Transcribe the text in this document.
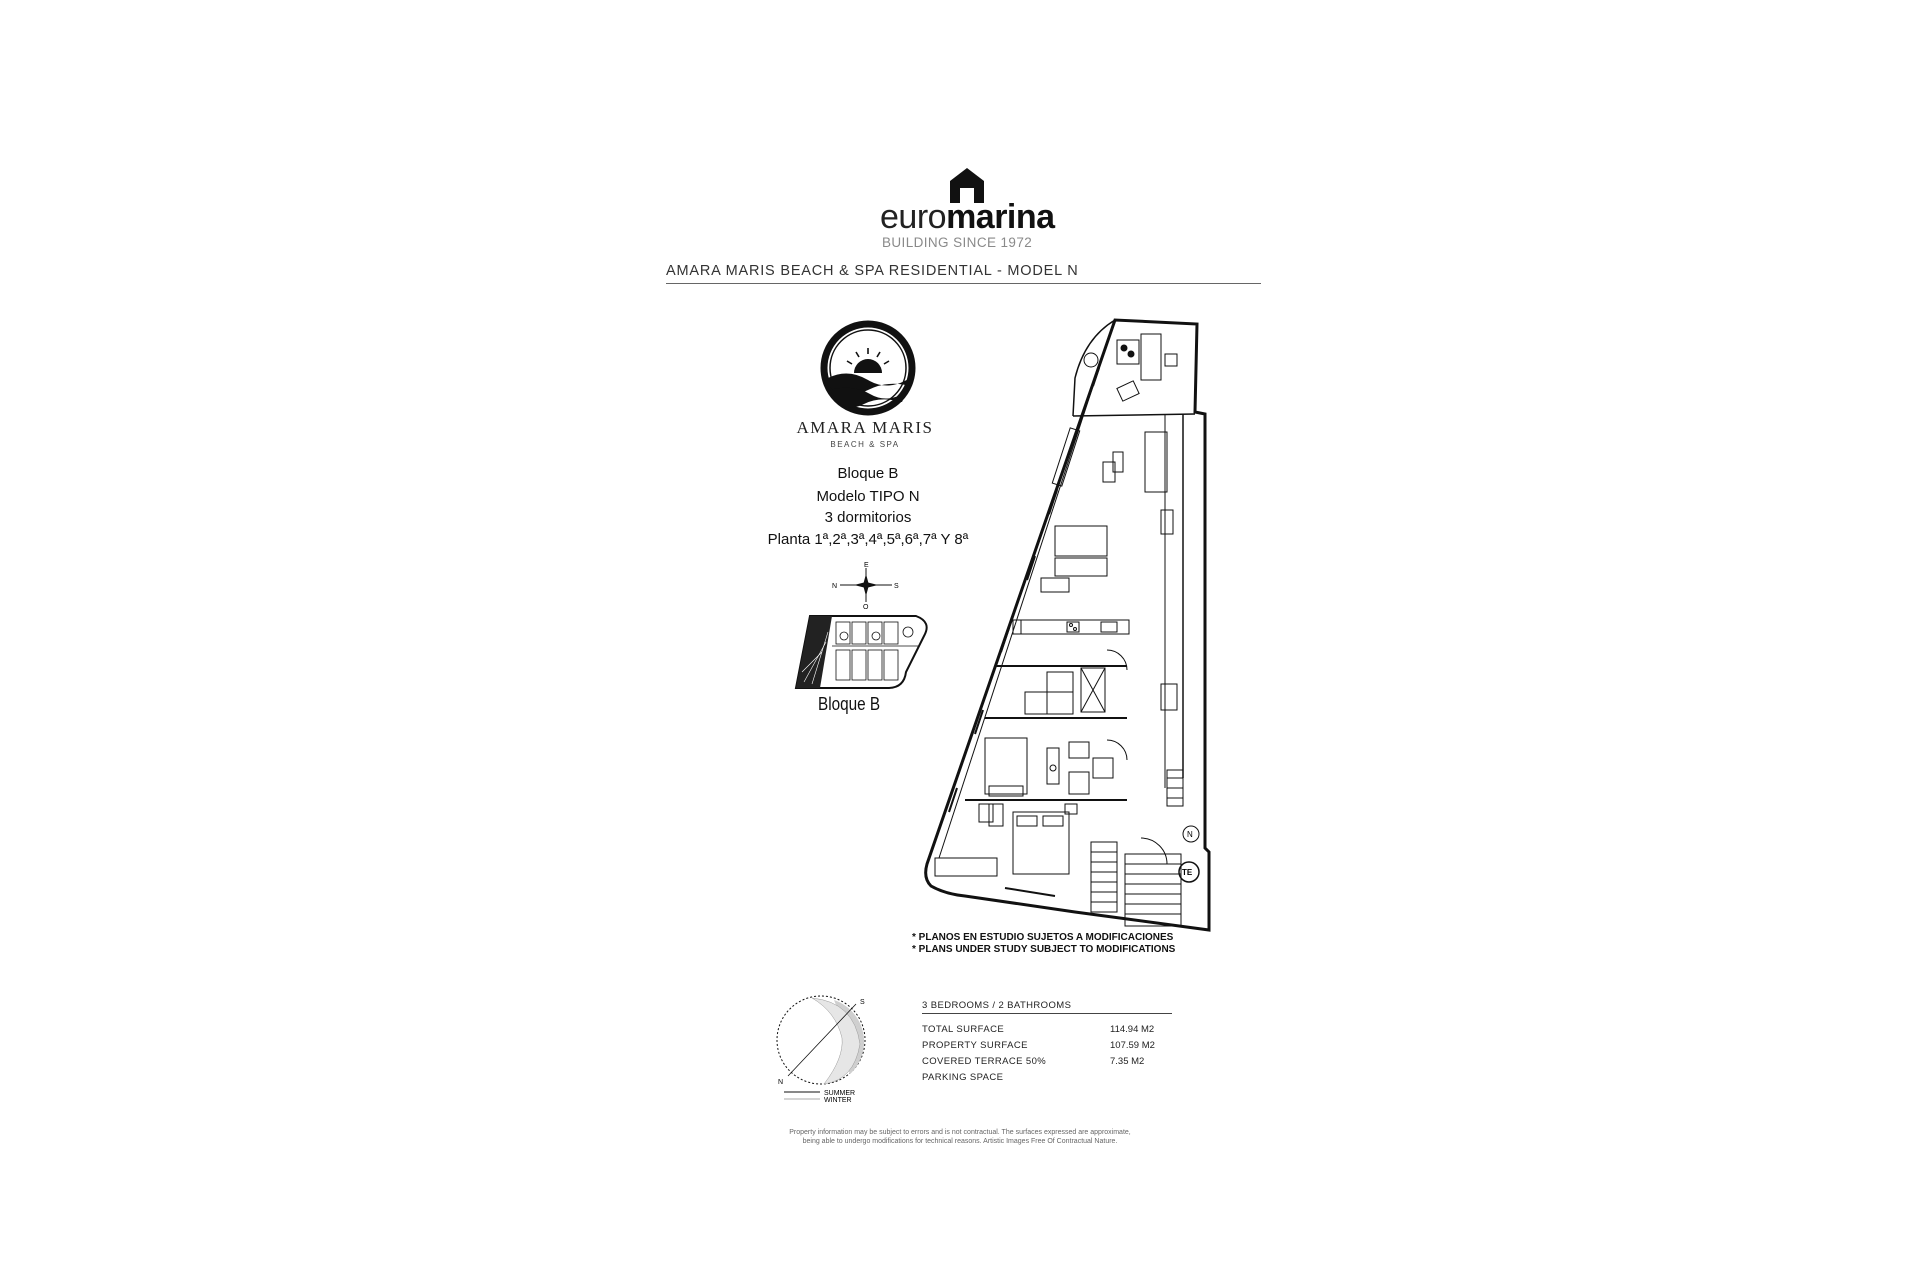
euromarina
BUILDING SINCE 1972
AMARA MARIS BEACH & SPA RESIDENTIAL - MODEL N
AMARA MARIS
BEACH & SPA
Bloque B
Modelo TIPO N
3 dormitorios
Planta 1ª,2ª,3ª,4ª,5ª,6ª,7ª Y 8ª
N	S
E
O
Bloque B
N
TE
* PLANOS EN ESTUDIO SUJETOS A MODIFICACIONES
* PLANS UNDER STUDY SUBJECT TO MODIFICATIONS
S
N
SUMMER
WINTER
3 BEDROOMS / 2 BATHROOMS
TOTAL SURFACE	114.94 M2
PROPERTY SURFACE	107.59 M2
COVERED TERRACE 50%	7.35 M2
PARKING SPACE
Property information may be subject to errors and is not contractual. The surfaces expressed are approximate,
being able to undergo modifications for technical reasons. Artistic Images Free Of Contractual Nature.
